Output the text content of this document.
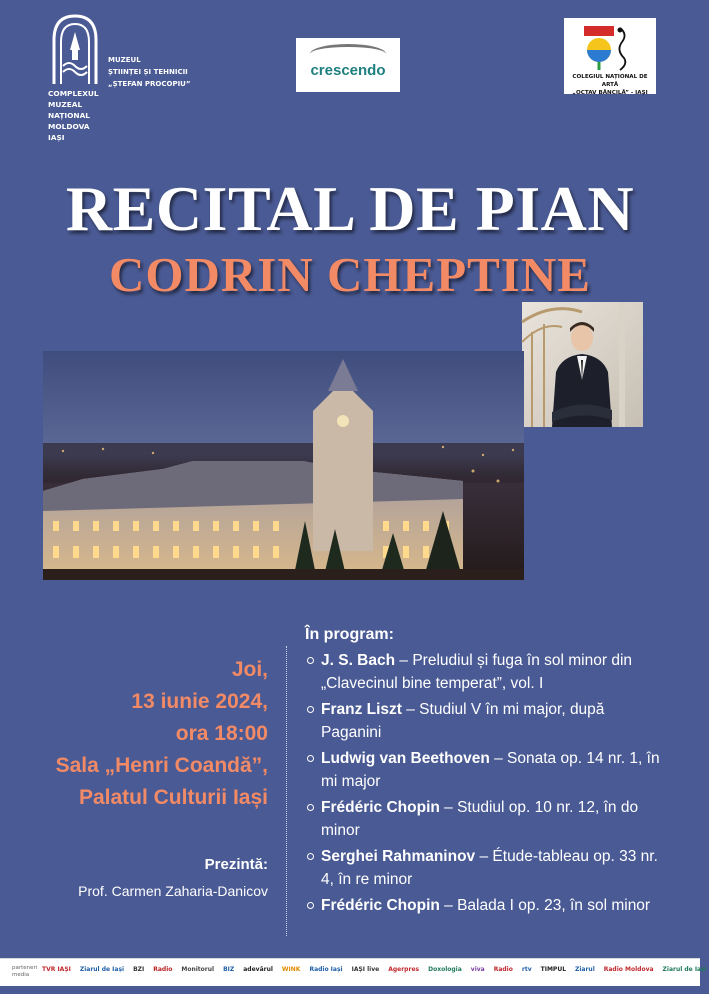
MUZEUL
ȘTIINȚEI ȘI TEHNICII
„ȘTEFAN PROCOPIU”
COMPLEXUL
MUZEAL
NAȚIONAL
MOLDOVA
IAȘI
crescendo	COLEGIUL NAȚIONAL DE ARTĂ
„OCTAV BĂNCILĂ” - IAȘI
RECITAL DE PIAN
CODRIN CHEPTINE
Joi,
13 iunie 2024,
ora 18:00
Sala „Henri Coandă”,
Palatul Culturii Iași
Prezintă:
Prof. Carmen Zaharia-Danicov
În program:
J. S. Bach – Preludiul și fuga în sol minor din „Clavecinul bine temperat”, vol. I
Franz Liszt – Studiul V în mi major, după Paganini
Ludwig van Beethoven – Sonata op. 14 nr. 1, în mi major
Frédéric Chopin – Studiul op. 10 nr. 12, în do minor
Serghei Rahmaninov – Étude-tableau op. 33 nr. 4, în re minor
Frédéric Chopin – Balada I op. 23, în sol minor
parteneri
media
TVR IAȘI	Ziarul de Iași	BZI	Radio	Monitorul	BIZ	adevărul	WINK	Radio Iași	IAȘI live	Agerpres	Doxologia	viva	Radio	rtv	TIMPUL	Ziarul	Radio Moldova	Ziarul de Iași
